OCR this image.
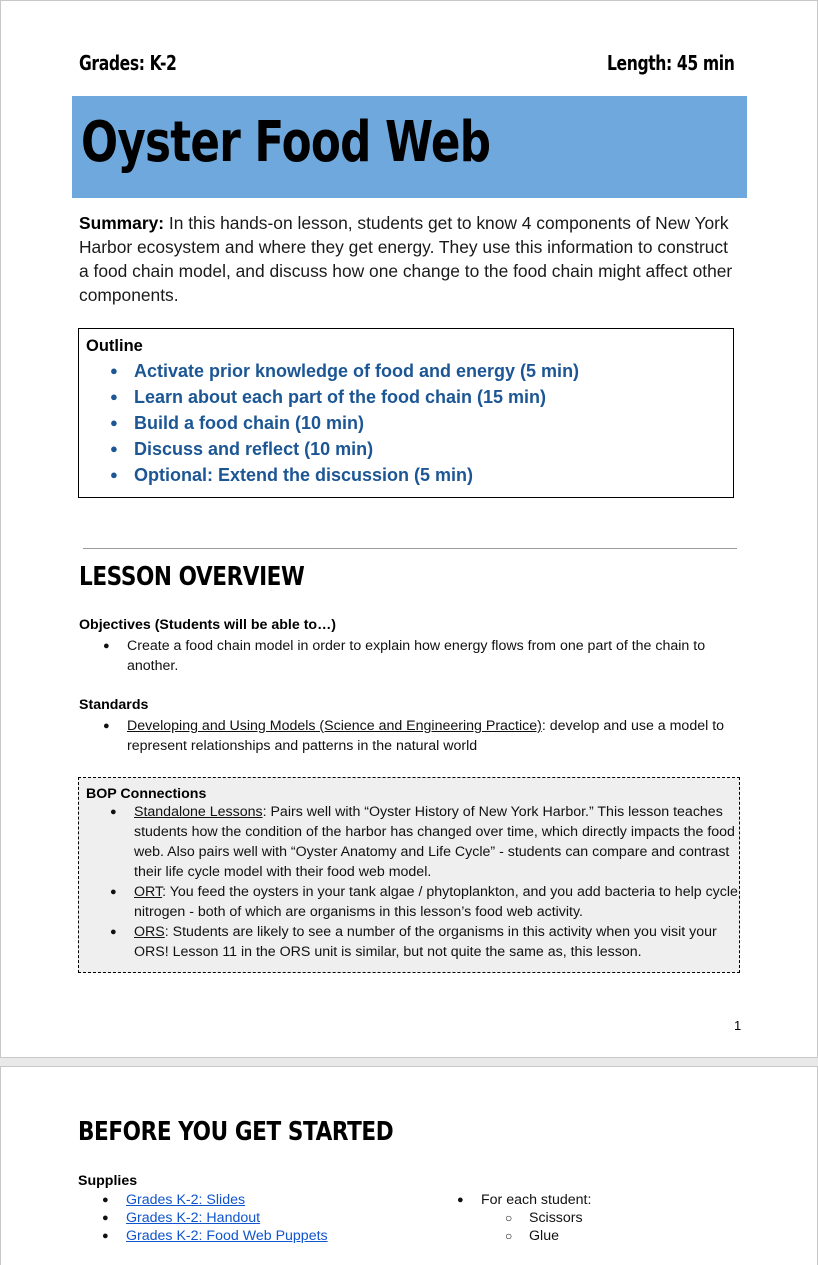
Grades: K-2	Length: 45 min
Oyster Food Web

Summary: In this hands-on lesson, students get to know 4 components of New York Harbor ecosystem and where they get energy. They use this information to construct a food chain model, and discuss how one change to the food chain might affect other components.

Outline
● Activate prior knowledge of food and energy (5 min)
● Learn about each part of the food chain (15 min)
● Build a food chain (10 min)
● Discuss and reflect (10 min)
● Optional: Extend the discussion (5 min)
LESSON OVERVIEW
Objectives (Students will be able to…)
● Create a food chain model in order to explain how energy flows from one part of the chain to another.
Standards
● Developing and Using Models (Science and Engineering Practice): develop and use a model to represent relationships and patterns in the natural world
BOP Connections
● Standalone Lessons: Pairs well with “Oyster History of New York Harbor.” This lesson teaches students how the condition of the harbor has changed over time, which directly impacts the food web. Also pairs well with “Oyster Anatomy and Life Cycle” - students can compare and contrast their life cycle model with their food web model.
● ORT: You feed the oysters in your tank algae / phytoplankton, and you add bacteria to help cycle nitrogen - both of which are organisms in this lesson’s food web activity.
● ORS: Students are likely to see a number of the organisms in this activity when you visit your ORS! Lesson 11 in the ORS unit is similar, but not quite the same as, this lesson.
1
BEFORE YOU GET STARTED
Supplies
● Grades K-2: Slides
● Grades K-2: Handout
● Grades K-2: Food Web Puppets
● For each student:
○ Scissors
○ Glue
